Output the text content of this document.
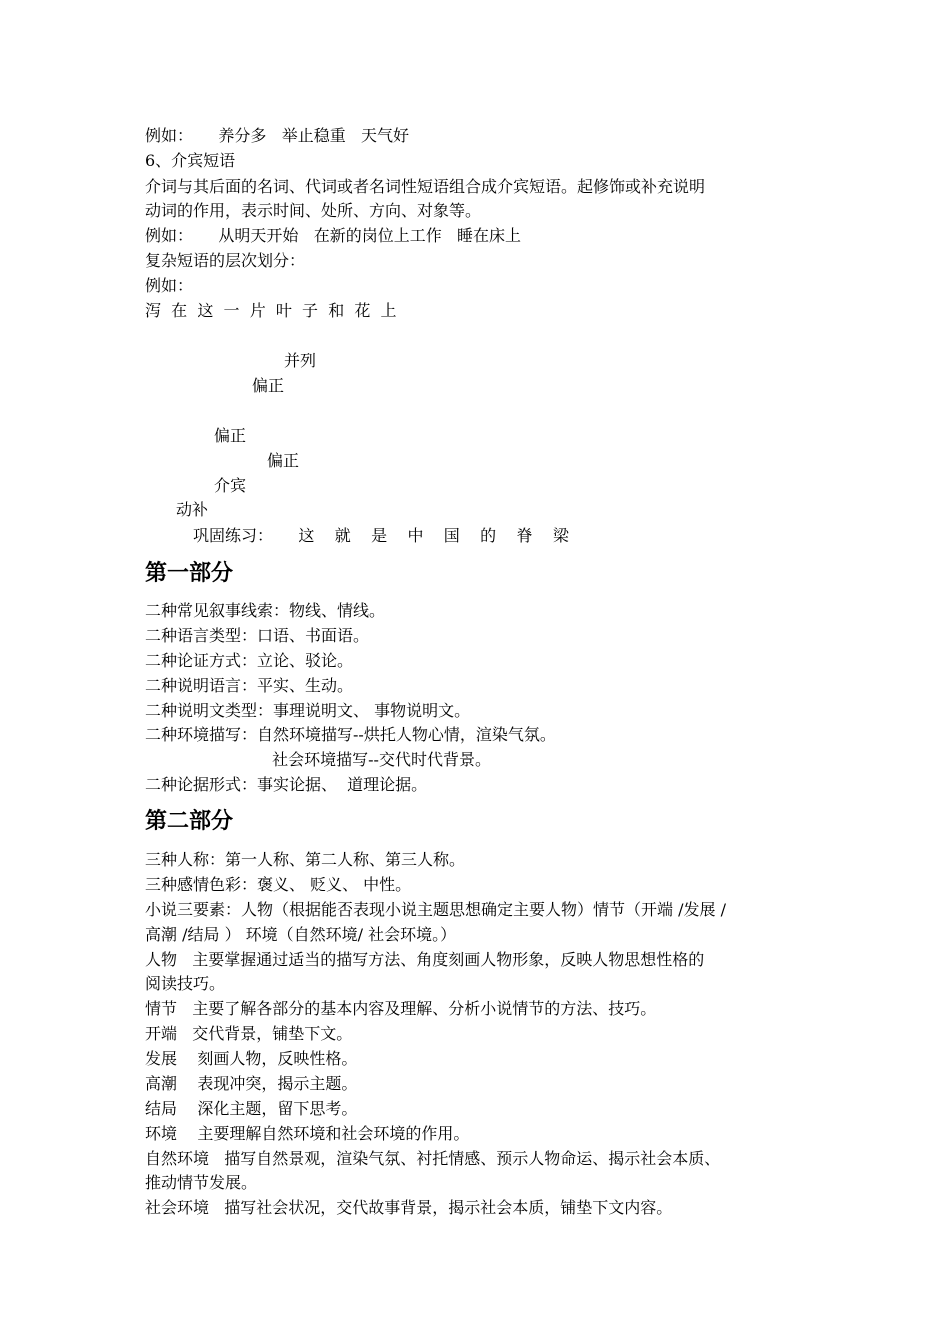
例如：     养分多   举止稳重   天气好
6、介宾短语
介词与其后面的名词、代词或者名词性短语组合成介宾短语。起修饰或补充说明
动词的作用，表示时间、处所、方向、对象等。
例如：     从明天开始   在新的岗位上工作   睡在床上
复杂短语的层次划分：
例如：
泻  在  这  一  片  叶  子  和  花  上
并列
偏正
偏正
偏正
介宾
动补
巩固练习：     这    就    是    中    国    的    脊    梁
第一部分
二种常见叙事线索：物线、情线。
二种语言类型：口语、书面语。
二种论证方式：立论、驳论。
二种说明语言：平实、生动。
二种说明文类型：事理说明文、 事物说明文。
二种环境描写：自然环境描写--烘托人物心情，渲染气氛。
社会环境描写--交代时代背景。
二种论据形式：事实论据、  道理论据。
第二部分
三种人称：第一人称、第二人称、第三人称。
三种感情色彩：褒义、 贬义、 中性。
小说三要素：人物（根据能否表现小说主题思想确定主要人物）情节（开端 /发展 /
高潮 /结局 ） 环境（自然环境/ 社会环境。）
人物   主要掌握通过适当的描写方法、角度刻画人物形象，反映人物思想性格的
阅读技巧。
情节   主要了解各部分的基本内容及理解、分析小说情节的方法、技巧。
开端   交代背景，铺垫下文。
发展    刻画人物，反映性格。
高潮    表现冲突，揭示主题。
结局    深化主题，留下思考。
环境    主要理解自然环境和社会环境的作用。
自然环境   描写自然景观，渲染气氛、衬托情感、预示人物命运、揭示社会本质、
推动情节发展。
社会环境   描写社会状况，交代故事背景，揭示社会本质，铺垫下文内容。
